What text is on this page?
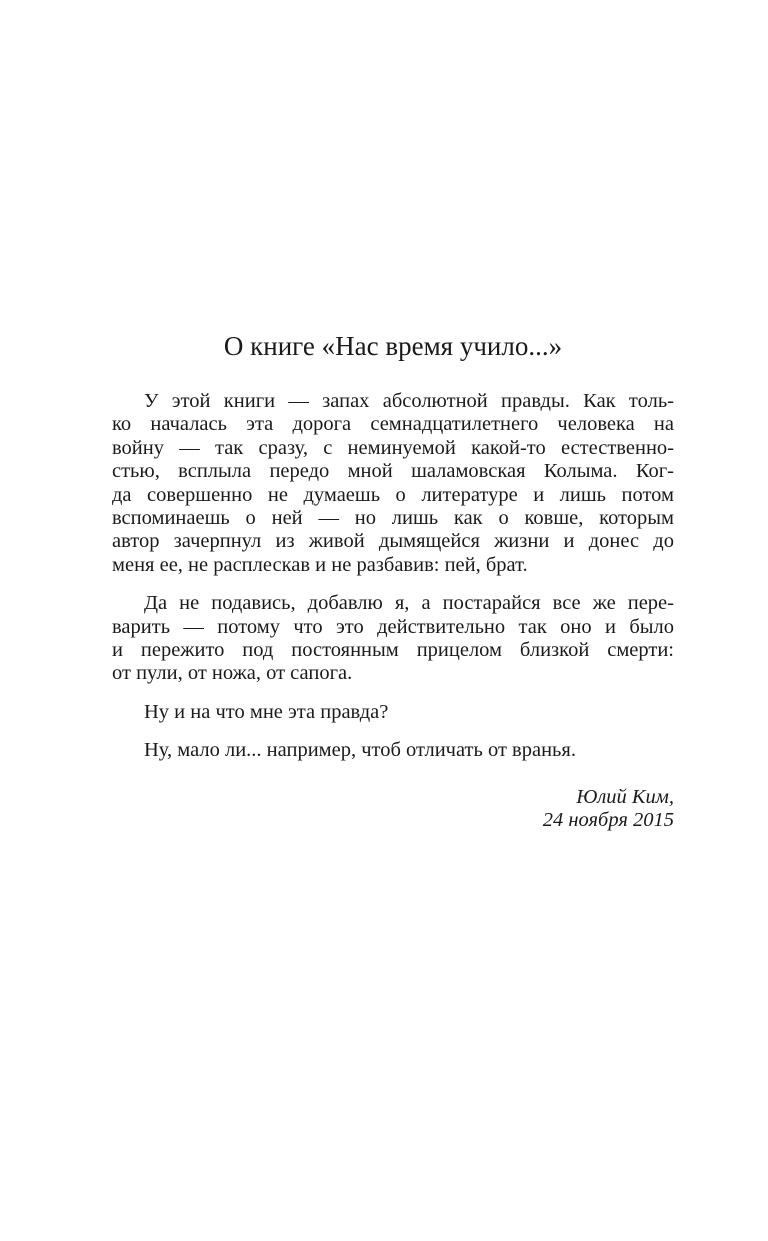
О книге «Нас время учило...»

У этой книги — запах абсолютной правды. Как толь-
ко началась эта дорога семнадцатилетнего человека на
войну — так сразу, с неминуемой какой-то естественно-
стью, всплыла передо мной шаламовская Колыма. Ког-
да совершенно не думаешь о литературе и лишь потом
вспоминаешь о ней — но лишь как о ковше, которым
автор зачерпнул из живой дымящейся жизни и донес до
меня ее, не расплескав и не разбавив: пей, брат.

Да не подавись, добавлю я, а постарайся все же пере-
варить — потому что это действительно так оно и было
и пережито под постоянным прицелом близкой смерти:
от пули, от ножа, от сапога.

Ну и на что мне эта правда?

Ну, мало ли... например, чтоб отличать от вранья.

Юлий Ким,
24 ноября 2015
